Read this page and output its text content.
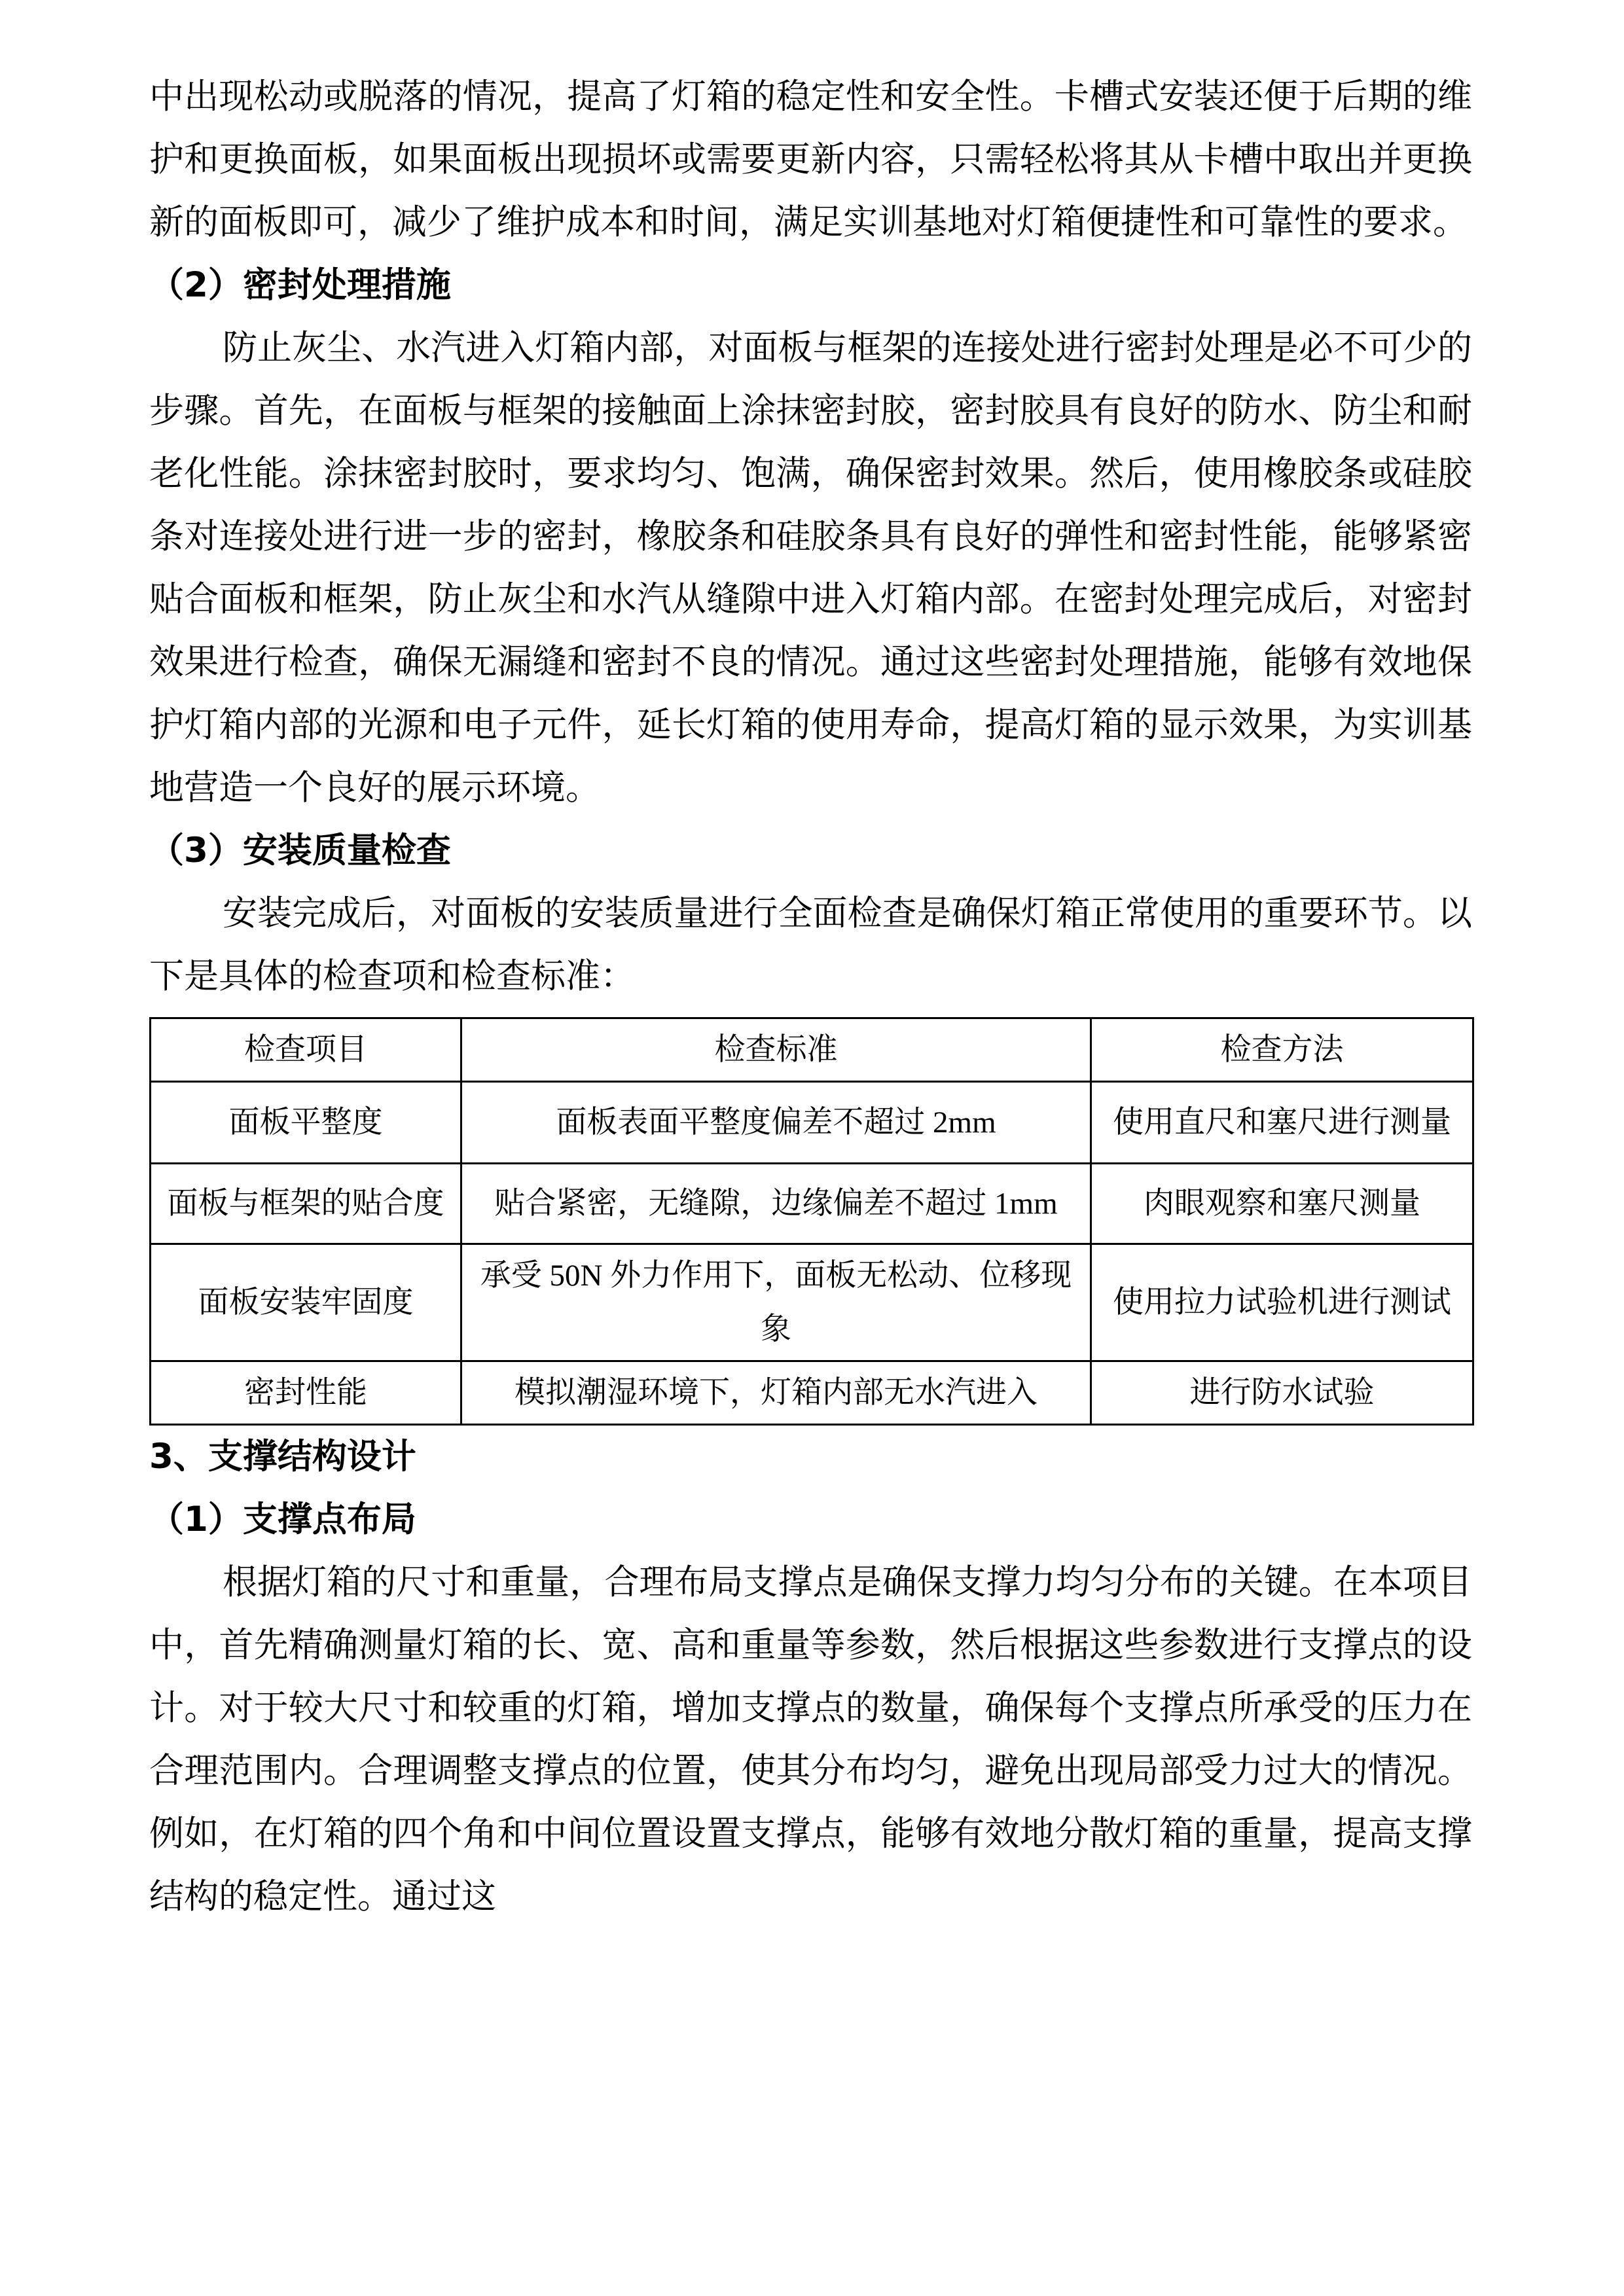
中出现松动或脱落的情况，提高了灯箱的稳定性和安全性。卡槽式安装还便于后期的维护和更换面板，如果面板出现损坏或需要更新内容，只需轻松将其从卡槽中取出并更换新的面板即可，减少了维护成本和时间，满足实训基地对灯箱便捷性和可靠性的要求。

（2）密封处理措施

防止灰尘、水汽进入灯箱内部，对面板与框架的连接处进行密封处理是必不可少的步骤。首先，在面板与框架的接触面上涂抹密封胶，密封胶具有良好的防水、防尘和耐老化性能。涂抹密封胶时，要求均匀、饱满，确保密封效果。然后，使用橡胶条或硅胶条对连接处进行进一步的密封，橡胶条和硅胶条具有良好的弹性和密封性能，能够紧密贴合面板和框架，防止灰尘和水汽从缝隙中进入灯箱内部。在密封处理完成后，对密封效果进行检查，确保无漏缝和密封不良的情况。通过这些密封处理措施，能够有效地保护灯箱内部的光源和电子元件，延长灯箱的使用寿命，提高灯箱的显示效果，为实训基地营造一个良好的展示环境。

（3）安装质量检查

安装完成后，对面板的安装质量进行全面检查是确保灯箱正常使用的重要环节。以下是具体的检查项和检查标准：

检查项目	检查标准	检查方法
面板平整度	面板表面平整度偏差不超过 2mm	使用直尺和塞尺进行测量
面板与框架的贴合度	贴合紧密，无缝隙，边缘偏差不超过 1mm	肉眼观察和塞尺测量
面板安装牢固度	承受 50N 外力作用下，面板无松动、位移现象	使用拉力试验机进行测试
密封性能	模拟潮湿环境下，灯箱内部无水汽进入	进行防水试验
3、支撑结构设计
（1）支撑点布局

根据灯箱的尺寸和重量，合理布局支撑点是确保支撑力均匀分布的关键。在本项目中，首先精确测量灯箱的长、宽、高和重量等参数，然后根据这些参数进行支撑点的设计。对于较大尺寸和较重的灯箱，增加支撑点的数量，确保每个支撑点所承受的压力在合理范围内。合理调整支撑点的位置，使其分布均匀，避免出现局部受力过大的情况。例如，在灯箱的四个角和中间位置设置支撑点，能够有效地分散灯箱的重量，提高支撑结构的稳定性。通过这
